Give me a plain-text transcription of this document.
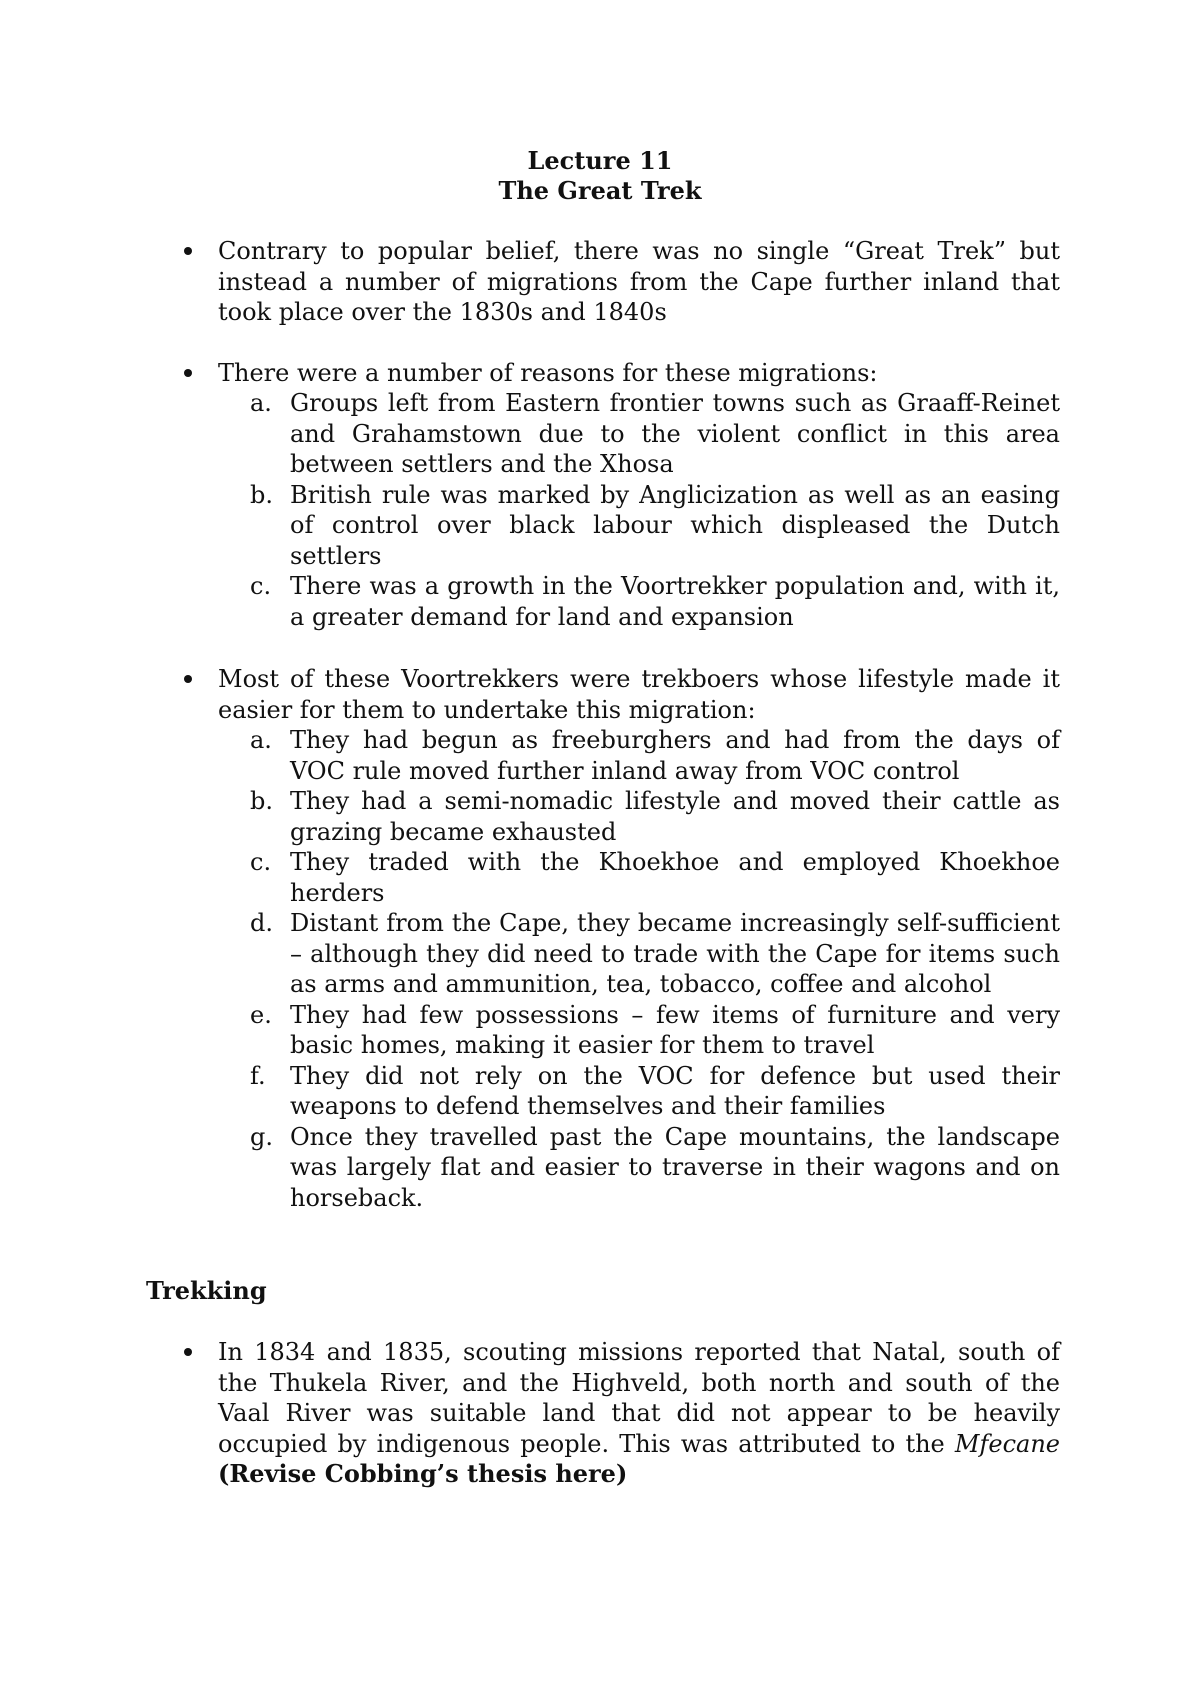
Lecture 11
The Great Trek
Contrary to popular belief, there was no single “Great Trek” but instead a number of migrations from the Cape further inland that took place over the 1830s and 1840s
There were a number of reasons for these migrations:
a. Groups left from Eastern frontier towns such as Graaff-Reinet and Grahamstown due to the violent conflict in this area between settlers and the Xhosa
b. British rule was marked by Anglicization as well as an easing of control over black labour which displeased the Dutch settlers
c. There was a growth in the Voortrekker population and, with it, a greater demand for land and expansion
Most of these Voortrekkers were trekboers whose lifestyle made it easier for them to undertake this migration:
a. They had begun as freeburghers and had from the days of VOC rule moved further inland away from VOC control
b. They had a semi-nomadic lifestyle and moved their cattle as grazing became exhausted
c. They traded with the Khoekhoe and employed Khoekhoe herders
d. Distant from the Cape, they became increasingly self-sufficient – although they did need to trade with the Cape for items such as arms and ammunition, tea, tobacco, coffee and alcohol
e. They had few possessions – few items of furniture and very basic homes, making it easier for them to travel
f. They did not rely on the VOC for defence but used their weapons to defend themselves and their families
g. Once they travelled past the Cape mountains, the landscape was largely flat and easier to traverse in their wagons and on horseback.
Trekking
In 1834 and 1835, scouting missions reported that Natal, south of the Thukela River, and the Highveld, both north and south of the Vaal River was suitable land that did not appear to be heavily occupied by indigenous people. This was attributed to the Mfecane (Revise Cobbing’s thesis here)
